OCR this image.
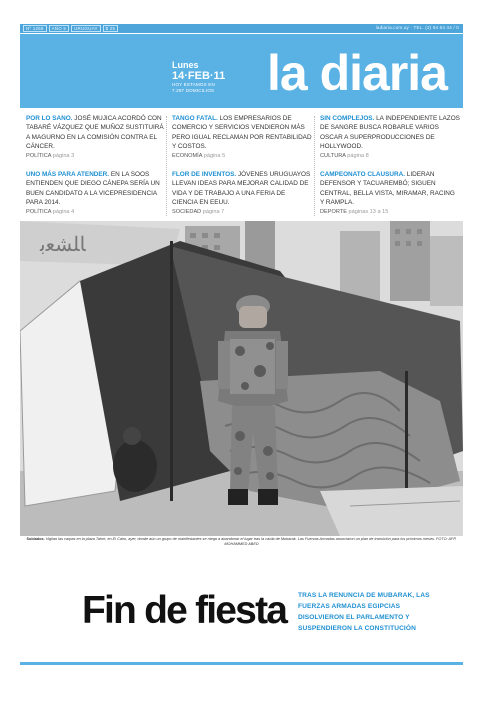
Nº 1258 AÑO 5 URUGUAY $ 25	ladiaria.com.uy · TEL. (2) 94 64 44 / 0
Lunes
14·FEB·11
HOY ESTAMOS EN
7.297 DOMICILIOS la diaria
POR LO SANO. JOSÉ MUJICA ACORDÓ CON TABARÉ VÁZQUEZ QUE MUÑOZ SUSTITUIRÁ A MAGURNO EN LA COMISIÓN CONTRA EL CÁNCER.
POLÍTICA página 3
TANGO FATAL. LOS EMPRESARIOS DE COMERCIO Y SERVICIOS VENDIERON MÁS PERO IGUAL RECLAMAN POR RENTABILIDAD Y COSTOS.
ECONOMÍA página 5
SIN COMPLEJOS. LA INDEPENDIENTE LAZOS DE SANGRE BUSCA ROBARLE VARIOS OSCAR A SUPERPRODUCCIONES DE HOLLYWOOD.
CULTURA página 8
UNO MÁS PARA ATENDER. EN LA SOOS ENTIENDEN QUE DIEGO CÁNEPA SERÍA UN BUEN CANDIDATO A LA VICEPRESIDENCIA PARA 2014.
POLÍTICA página 4
FLOR DE INVENTOS. JÓVENES URUGUAYOS LLEVAN IDEAS PARA MEJORAR CALIDAD DE VIDA Y DE TRABAJO A UNA FERIA DE CIENCIA EN EEUU.
SOCIEDAD página 7
CAMPEONATO CLAUSURA. LIDERAN DEFENSOR Y TACUAREMBÓ; SIGUEN CENTRAL, BELLA VISTA, MIRAMAR, RACING Y RAMPLA.
DEPORTE páginas 13 a 15
ﺎﻠﺸﻌﺑ
Soldados. Vigilan las carpas en la plaza Tahrir, en El Cairo, ayer, donde aún un grupo de manifestantes se niega a abandonar el lugar tras la caída de Mubarak. Las Fuerzas Armadas anunciaron un plan de transición para los próximos meses. FOTO: AFP, MOHAMMED ABED
Fin de fiesta TRAS LA RENUNCIA DE MUBARAK, LAS FUERZAS ARMADAS EGIPCIAS DISOLVIERON EL PARLAMENTO Y SUSPENDIERON LA CONSTITUCIÓN
